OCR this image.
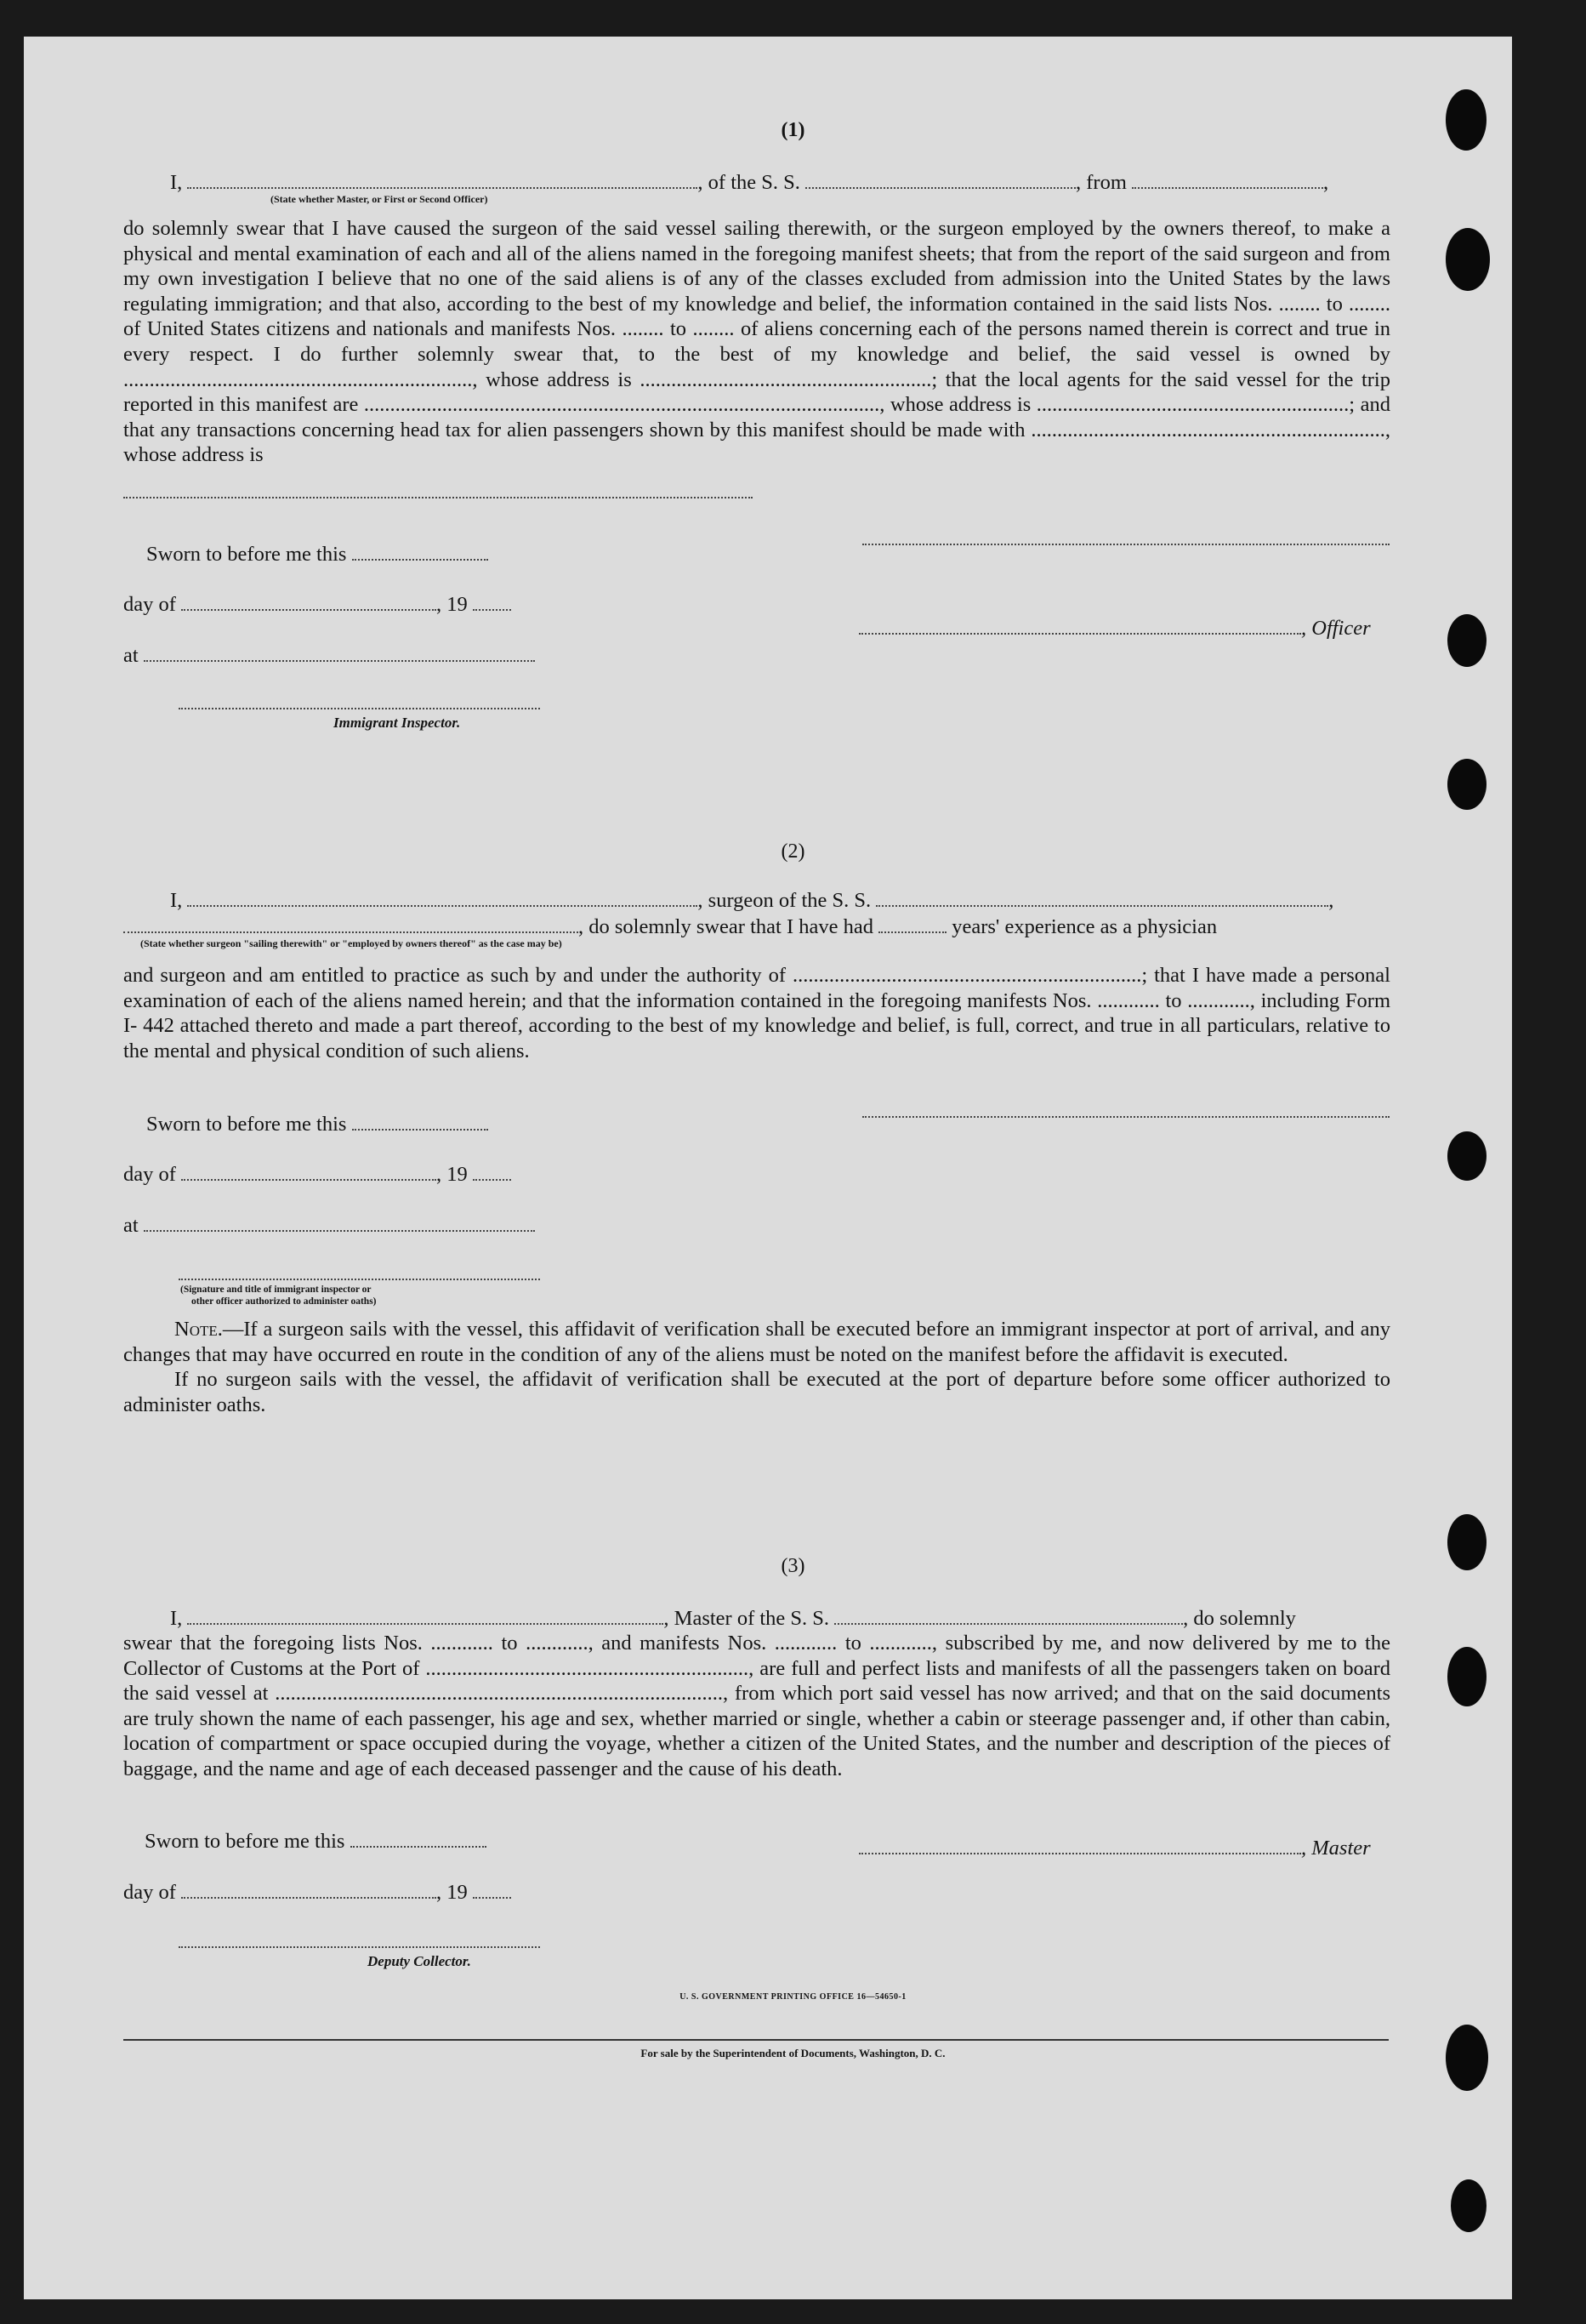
(1)
I,	, of the S. S.	, from	,
(State whether Master, or First or Second Officer)

do solemnly swear that I have caused the surgeon of the said vessel sailing therewith, or the surgeon employed by the owners thereof, to make a physical and mental examination of each and all of the aliens named in the foregoing manifest sheets; that from the report of the said surgeon and from my own investigation I believe that no one of the said aliens is of any of the classes excluded from admission into the United States by the laws regulating immigration; and that also, according to the best of my knowledge and belief, the information contained in the said lists Nos. ........ to ........ of United States citizens and nationals and manifests Nos. ........ to ........ of aliens concerning each of the persons named therein is correct and true in every respect. I do further solemnly swear that, to the best of my knowledge and belief, the said vessel is owned by ..................................................................., whose address is ........................................................; that the local agents for the said vessel for the trip reported in this manifest are ..................................................................................................., whose address is ............................................................; and that any transactions concerning head tax for alien passengers shown by this manifest should be made with ...................................................................., whose address is

Sworn to before me this
day of	, 19
, Officer
at
Immigrant Inspector.
(2)
I,	, surgeon of the S. S.	,
, do solemnly swear that I have had	years' experience as a physician
(State whether surgeon "sailing therewith" or "employed by owners thereof" as the case may be)

and surgeon and am entitled to practice as such by and under the authority of ...................................................................; that I have made a personal examination of each of the aliens named herein; and that the information contained in the foregoing manifests Nos. ............ to ............, including Form I- 442 attached thereto and made a part thereof, according to the best of my knowledge and belief, is full, correct, and true in all particulars, relative to the mental and physical condition of such aliens.

Sworn to before me this
day of	, 19
at
(Signature and title of immigrant inspector or
other officer authorized to administer oaths)

Note.—If a surgeon sails with the vessel, this affidavit of verification shall be executed before an immigrant inspector at port of arrival, and any changes that may have occurred en route in the condition of any of the aliens must be noted on the manifest before the affidavit is executed.

If no surgeon sails with the vessel, the affidavit of verification shall be executed at the port of departure before some officer authorized to administer oaths.

(3)
I,	, Master of the S. S.	, do solemnly

swear that the foregoing lists Nos. ............ to ............, and manifests Nos. ............ to ............, subscribed by me, and now delivered by me to the Collector of Customs at the Port of .............................................................., are full and perfect lists and manifests of all the passengers taken on board the said vessel at ......................................................................................, from which port said vessel has now arrived; and that on the said documents are truly shown the name of each passenger, his age and sex, whether married or single, whether a cabin or steerage passenger and, if other than cabin, location of compartment or space occupied during the voyage, whether a citizen of the United States, and the number and description of the pieces of baggage, and the name and age of each deceased passenger and the cause of his death.

Sworn to before me this	, Master
day of	, 19
Deputy Collector.
U. S. GOVERNMENT PRINTING OFFICE 16—54650-1
For sale by the Superintendent of Documents, Washington, D. C.
